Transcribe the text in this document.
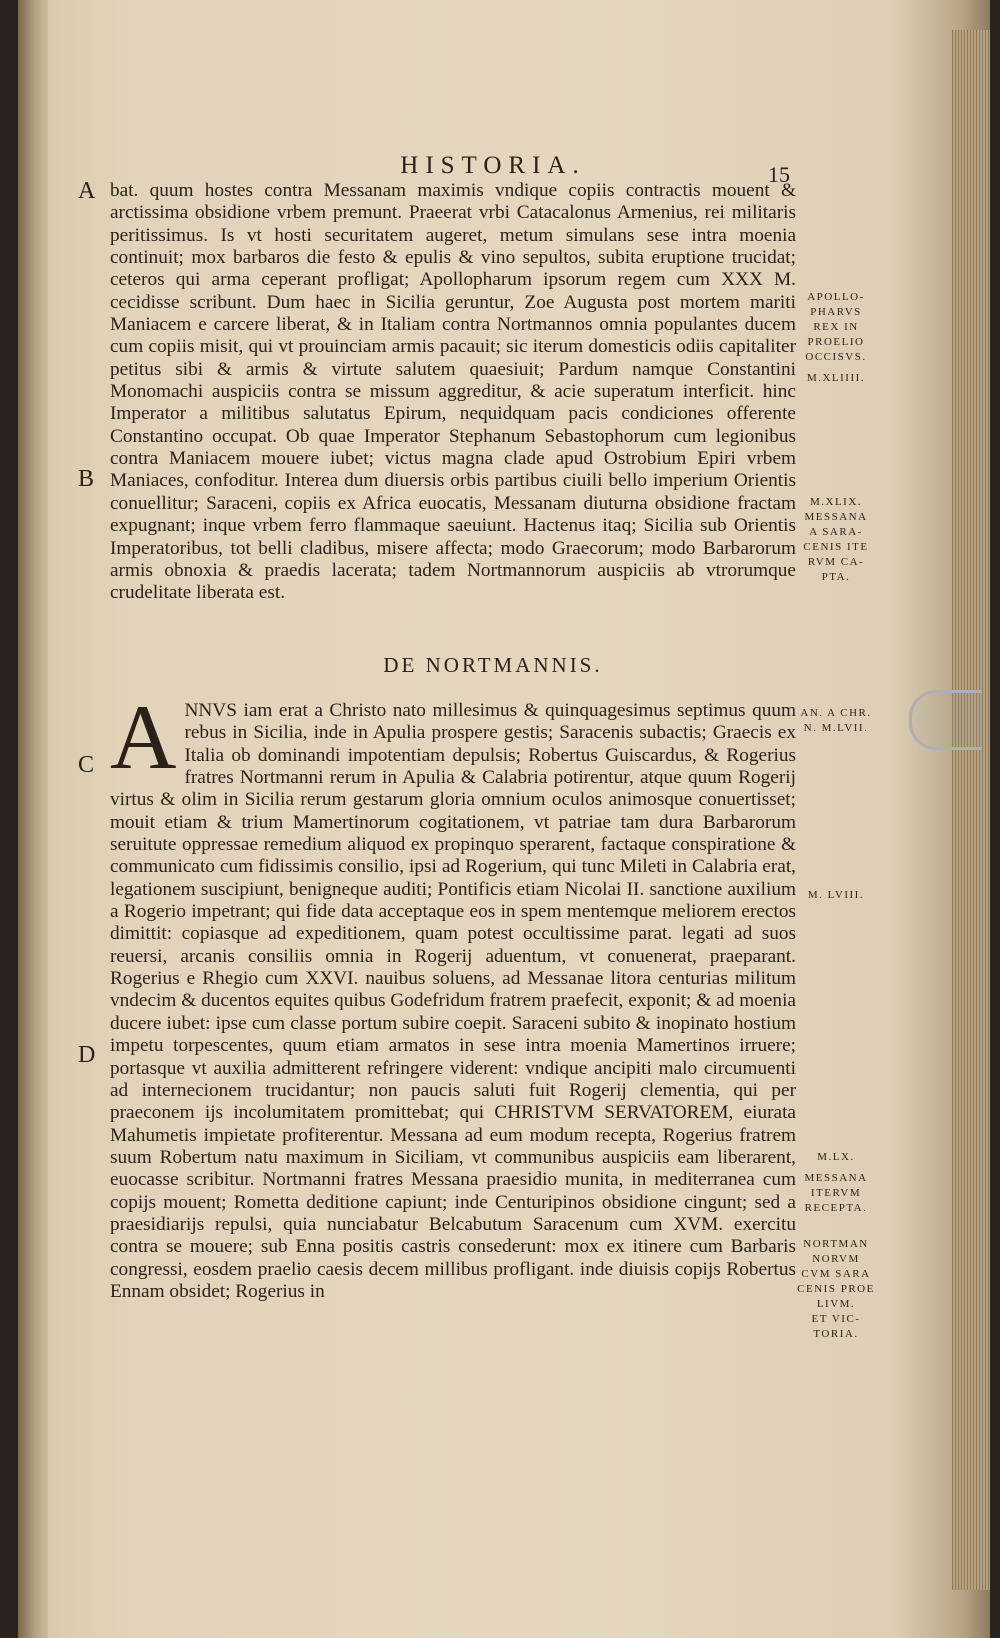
HISTORIA.	15
A
B
C
D
bat. quum hostes contra Messanam maximis vndique copiis contractis mouent & arctissima obsidione vrbem premunt. Praeerat vrbi Catacalonus Armenius, rei militaris peritissimus. Is vt hosti securitatem augeret, metum simulans sese intra moenia continuit; mox barbaros die festo & epulis & vino sepultos, subita eruptione trucidat; ceteros qui arma ceperant profligat; Apollopharum ipsorum regem cum XXX M. cecidisse scribunt. Dum haec in Sicilia geruntur, Zoe Augusta post mortem mariti Maniacem e carcere liberat, & in Italiam contra Nortmannos omnia populantes ducem cum copiis misit, qui vt prouinciam armis pacauit; sic iterum domesticis odiis capitaliter petitus sibi & armis & virtute salutem quaesiuit; Pardum namque Constantini Monomachi auspiciis contra se missum aggreditur, & acie superatum interficit. hinc Imperator a militibus salutatus Epirum, nequidquam pacis condiciones offerente Constantino occupat. Ob quae Imperator Stephanum Sebastophorum cum legionibus contra Maniacem mouere iubet; victus magna clade apud Ostrobium Epiri vrbem Maniaces, confoditur. Interea dum diuersis orbis partibus ciuili bello imperium Orientis conuellitur; Saraceni, copiis ex Africa euocatis, Messanam diuturna obsidione fractam expugnant; inque vrbem ferro flammaque saeuiunt. Hactenus itaq; Sicilia sub Orientis Imperatoribus, tot belli cladibus, misere affecta; modo Graecorum; modo Barbarorum armis obnoxia & praedis lacerata; tadem Nortmannorum auspiciis ab vtrorumque crudelitate liberata est.
DE NORTMANNIS.
ANNVS iam erat a Christo nato millesimus & quinquagesimus septimus quum rebus in Sicilia, inde in Apulia prospere gestis; Saracenis subactis; Graecis ex Italia ob dominandi impotentiam depulsis; Robertus Guiscardus, & Rogerius fratres Nortmanni rerum in Apulia & Calabria potirentur, atque quum Rogerij virtus & olim in Sicilia rerum gestarum gloria omnium oculos animosque conuertisset; mouit etiam & trium Mamertinorum cogitationem, vt patriae tam dura Barbarorum seruitute oppressae remedium aliquod ex propinquo sperarent, factaque conspiratione & communicato cum fidissimis consilio, ipsi ad Rogerium, qui tunc Mileti in Calabria erat, legationem suscipiunt, benigneque auditi; Pontificis etiam Nicolai II. sanctione auxilium a Rogerio impetrant; qui fide data acceptaque eos in spem mentemque meliorem erectos dimittit: copiasque ad expeditionem, quam potest occultissime parat. legati ad suos reuersi, arcanis consiliis omnia in Rogerij aduentum, vt conuenerat, praeparant. Rogerius e Rhegio cum XXVI. nauibus soluens, ad Messanae litora centurias militum vndecim & ducentos equites quibus Godefridum fratrem praefecit, exponit; & ad moenia ducere iubet: ipse cum classe portum subire coepit. Saraceni subito & inopinato hostium impetu torpescentes, quum etiam armatos in sese intra moenia Mamertinos irruere; portasque vt auxilia admitterent refringere viderent: vndique ancipiti malo circumuenti ad internecionem trucidantur; non paucis saluti fuit Rogerij clementia, qui per praeconem ijs incolumitatem promittebat; qui CHRISTVM SERVATOREM, eiurata Mahumetis impietate profiterentur. Messana ad eum modum recepta, Rogerius fratrem suum Robertum natu maximum in Siciliam, vt communibus auspiciis eam liberarent, euocasse scribitur. Nortmanni fratres Messana praesidio munita, in mediterranea cum copijs mouent; Rometta deditione capiunt; inde Centuripinos obsidione cingunt; sed a praesidiarijs repulsi, quia nunciabatur Belcabutum Saracenum cum XVM. exercitu contra se mouere; sub Enna positis castris consederunt: mox ex itinere cum Barbaris congressi, eosdem praelio caesis decem millibus profligant. inde diuisis copijs Robertus Ennam obsidet; Rogerius in
APOLLO-
PHARVS
REX IN
PROELIO
OCCISVS.
M.XLIIII.
M.XLIX.
MESSANA
A SARA-
CENIS ITE
RVM CA-
PTA.
AN. A CHR.
N. M.LVII.
M. LVIII.
M.LX.
MESSANA
ITERVM
RECEPTA.
NORTMAN
NORVM
CVM SARA
CENIS PROE
LIVM.
ET VIC-
TORIA.
